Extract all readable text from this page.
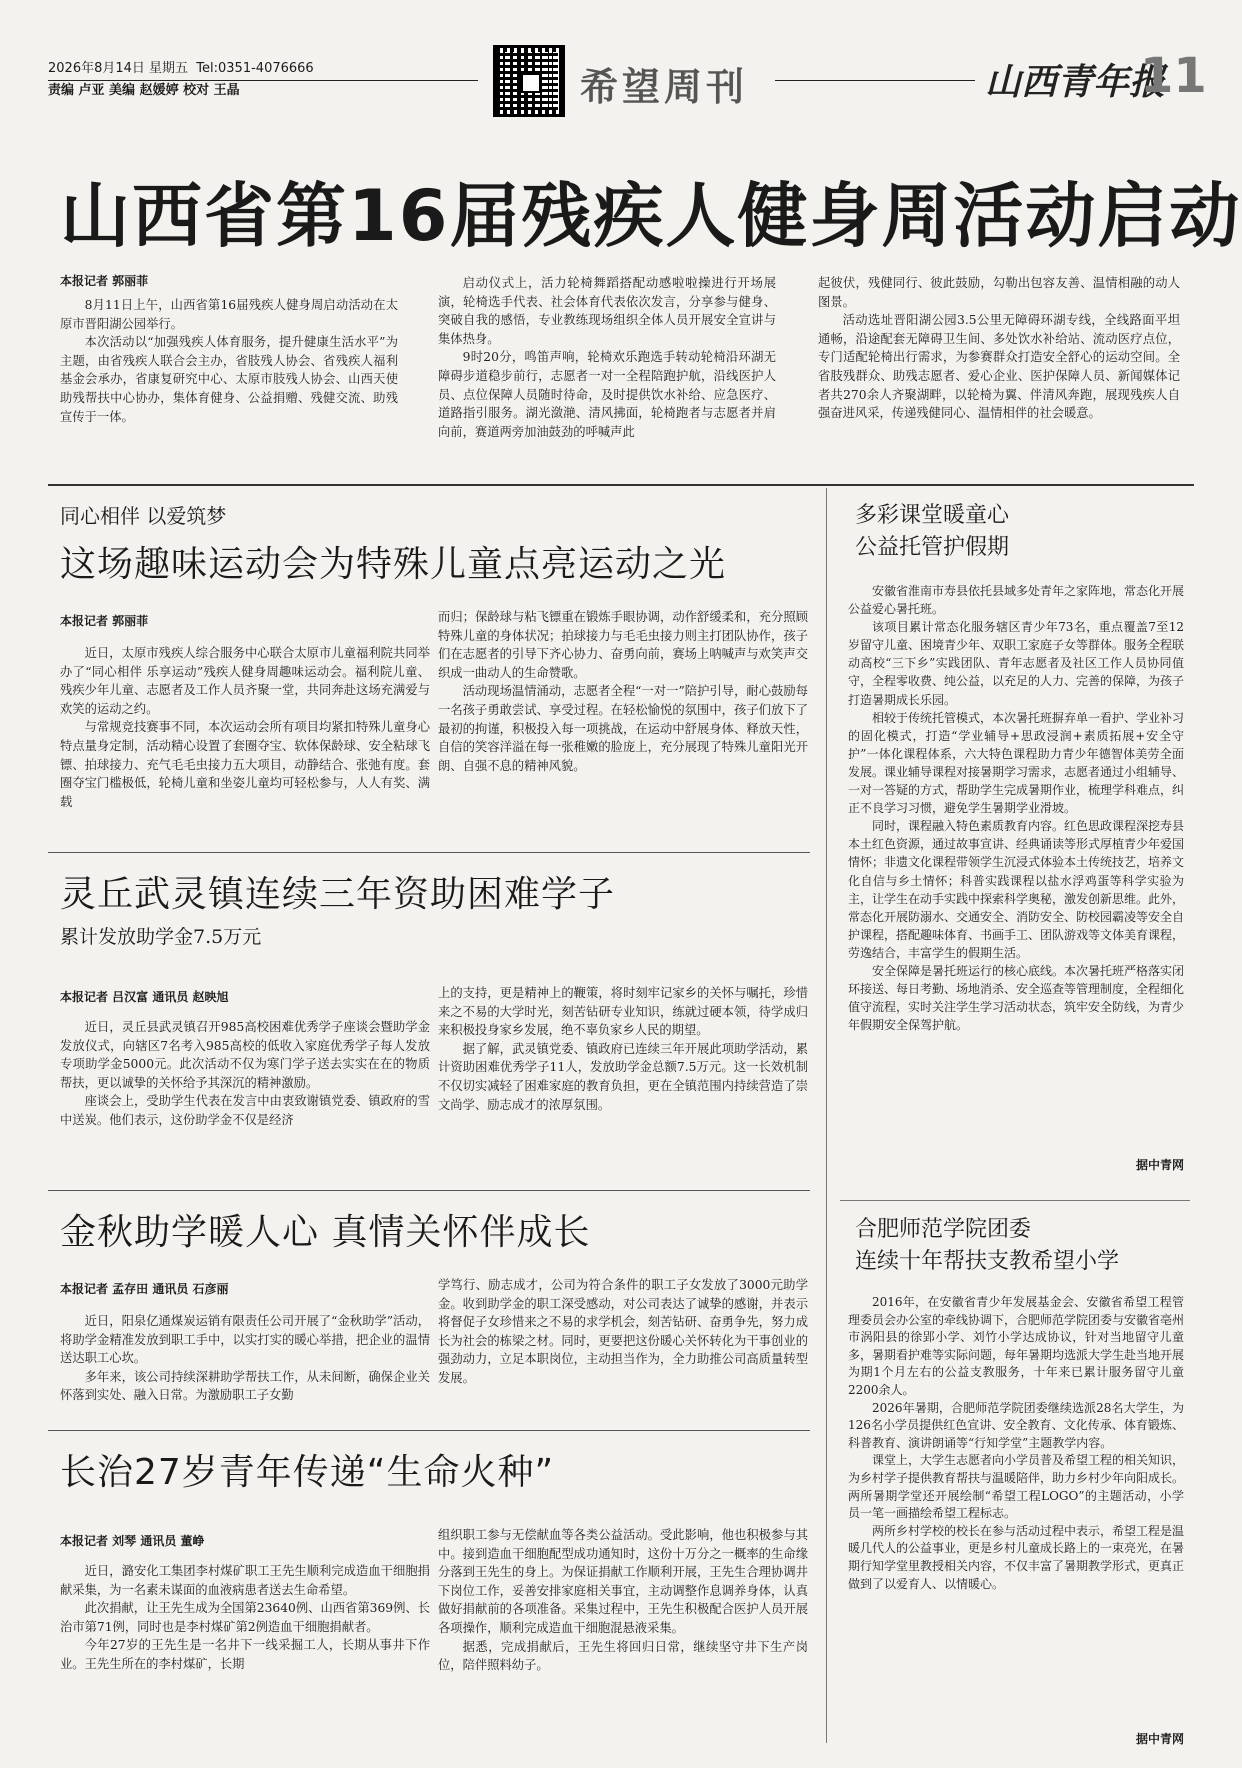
2026年8月14日 星期五 Tel:0351-4076666
责编 卢亚 美编 赵媛婷 校对 王晶	希望周刊	山西青年报
11
山西省第16届残疾人健身周活动启动
本报记者 郭丽菲

8月11日上午，山西省第16届残疾人健身周启动活动在太原市晋阳湖公园举行。

本次活动以“加强残疾人体育服务，提升健康生活水平”为主题，由省残疾人联合会主办，省肢残人协会、省残疾人福利基金会承办，省康复研究中心、太原市肢残人协会、山西天使助残帮扶中心协办，集体育健身、公益捐赠、残健交流、助残宣传于一体。

启动仪式上，活力轮椅舞蹈搭配动感啦啦操进行开场展演，轮椅选手代表、社会体育代表依次发言，分享参与健身、突破自我的感悟，专业教练现场组织全体人员开展安全宣讲与集体热身。

9时20分，鸣笛声响，轮椅欢乐跑选手转动轮椅沿环湖无障碍步道稳步前行，志愿者一对一全程陪跑护航，沿线医护人员、点位保障人员随时待命，及时提供饮水补给、应急医疗、道路指引服务。湖光潋滟、清风拂面，轮椅跑者与志愿者并肩向前，赛道两旁加油鼓劲的呼喊声此

起彼伏，残健同行、彼此鼓励，勾勒出包容友善、温情相融的动人图景。

活动选址晋阳湖公园3.5公里无障碍环湖专线，全线路面平坦通畅，沿途配套无障碍卫生间、多处饮水补给站、流动医疗点位，专门适配轮椅出行需求，为参赛群众打造安全舒心的运动空间。全省肢残群众、助残志愿者、爱心企业、医护保障人员、新闻媒体记者共270余人齐聚湖畔，以轮椅为翼、伴清风奔跑，展现残疾人自强奋进风采，传递残健同心、温情相伴的社会暖意。

同心相伴 以爱筑梦
这场趣味运动会为特殊儿童点亮运动之光
本报记者 郭丽菲

近日，太原市残疾人综合服务中心联合太原市儿童福利院共同举办了“同心相伴 乐享运动”残疾人健身周趣味运动会。福利院儿童、残疾少年儿童、志愿者及工作人员齐聚一堂，共同奔赴这场充满爱与欢笑的运动之约。

与常规竞技赛事不同，本次运动会所有项目均紧扣特殊儿童身心特点量身定制，活动精心设置了套圈夺宝、软体保龄球、安全粘球飞镖、拍球接力、充气毛毛虫接力五大项目，动静结合、张弛有度。套圈夺宝门槛极低，轮椅儿童和坐姿儿童均可轻松参与，人人有奖、满载

而归；保龄球与粘飞镖重在锻炼手眼协调，动作舒缓柔和，充分照顾特殊儿童的身体状况；拍球接力与毛毛虫接力则主打团队协作，孩子们在志愿者的引导下齐心协力、奋勇向前，赛场上呐喊声与欢笑声交织成一曲动人的生命赞歌。

活动现场温情涌动，志愿者全程“一对一”陪护引导，耐心鼓励每一名孩子勇敢尝试、享受过程。在轻松愉悦的氛围中，孩子们放下了最初的拘谨，积极投入每一项挑战，在运动中舒展身体、释放天性，自信的笑容洋溢在每一张稚嫩的脸庞上，充分展现了特殊儿童阳光开朗、自强不息的精神风貌。

灵丘武灵镇连续三年资助困难学子
累计发放助学金7.5万元
本报记者 吕汉富 通讯员 赵映旭

近日，灵丘县武灵镇召开985高校困难优秀学子座谈会暨助学金发放仪式，向辖区7名考入985高校的低收入家庭优秀学子每人发放专项助学金5000元。此次活动不仅为寒门学子送去实实在在的物质帮扶，更以诚挚的关怀给予其深沉的精神激励。

座谈会上，受助学生代表在发言中由衷致谢镇党委、镇政府的雪中送炭。他们表示，这份助学金不仅是经济

上的支持，更是精神上的鞭策，将时刻牢记家乡的关怀与嘱托，珍惜来之不易的大学时光，刻苦钻研专业知识，练就过硬本领，待学成归来积极投身家乡发展，绝不辜负家乡人民的期望。

据了解，武灵镇党委、镇政府已连续三年开展此项助学活动，累计资助困难优秀学子11人，发放助学金总额7.5万元。这一长效机制不仅切实减轻了困难家庭的教育负担，更在全镇范围内持续营造了崇文尚学、励志成才的浓厚氛围。

金秋助学暖人心 真情关怀伴成长
本报记者 孟存田 通讯员 石彦丽

近日，阳泉亿通煤炭运销有限责任公司开展了“金秋助学”活动，将助学金精准发放到职工手中，以实打实的暖心举措，把企业的温情送达职工心坎。

多年来，该公司持续深耕助学帮扶工作，从未间断，确保企业关怀落到实处、融入日常。为激励职工子女勤

学笃行、励志成才，公司为符合条件的职工子女发放了3000元助学金。收到助学金的职工深受感动，对公司表达了诚挚的感谢，并表示将督促子女珍惜来之不易的求学机会，刻苦钻研、奋勇争先，努力成长为社会的栋梁之材。同时，更要把这份暖心关怀转化为干事创业的强劲动力，立足本职岗位，主动担当作为，全力助推公司高质量转型发展。

长治27岁青年传递“生命火种”
本报记者 刘琴 通讯员 董峥

近日，潞安化工集团李村煤矿职工王先生顺利完成造血干细胞捐献采集，为一名素未谋面的血液病患者送去生命希望。

此次捐献，让王先生成为全国第23640例、山西省第369例、长治市第71例，同时也是李村煤矿第2例造血干细胞捐献者。

今年27岁的王先生是一名井下一线采掘工人，长期从事井下作业。王先生所在的李村煤矿，长期

组织职工参与无偿献血等各类公益活动。受此影响，他也积极参与其中。接到造血干细胞配型成功通知时，这份十万分之一概率的生命缘分落到王先生的身上。为保证捐献工作顺利开展，王先生合理协调井下岗位工作，妥善安排家庭相关事宜，主动调整作息调养身体，认真做好捐献前的各项准备。采集过程中，王先生积极配合医护人员开展各项操作，顺利完成造血干细胞混悬液采集。

据悉，完成捐献后，王先生将回归日常，继续坚守井下生产岗位，陪伴照料幼子。

多彩课堂暖童心
公益托管护假期

安徽省淮南市寿县依托县域多处青年之家阵地，常态化开展公益爱心暑托班。

该项目累计常态化服务辖区青少年73名，重点覆盖7至12岁留守儿童、困境青少年、双职工家庭子女等群体。服务全程联动高校“三下乡”实践团队、青年志愿者及社区工作人员协同值守，全程零收费、纯公益，以充足的人力、完善的保障，为孩子打造暑期成长乐园。

相较于传统托管模式，本次暑托班摒弃单一看护、学业补习的固化模式，打造“学业辅导+思政浸润+素质拓展+安全守护”一体化课程体系，六大特色课程助力青少年德智体美劳全面发展。课业辅导课程对接暑期学习需求，志愿者通过小组辅导、一对一答疑的方式，帮助学生完成暑期作业，梳理学科难点，纠正不良学习习惯，避免学生暑期学业滑坡。

同时，课程融入特色素质教育内容。红色思政课程深挖寿县本土红色资源，通过故事宣讲、经典诵读等形式厚植青少年爱国情怀；非遗文化课程带领学生沉浸式体验本土传统技艺，培养文化自信与乡土情怀；科普实践课程以盐水浮鸡蛋等科学实验为主，让学生在动手实践中探索科学奥秘，激发创新思维。此外，常态化开展防溺水、交通安全、消防安全、防校园霸凌等安全自护课程，搭配趣味体育、书画手工、团队游戏等文体美育课程，劳逸结合，丰富学生的假期生活。

安全保障是暑托班运行的核心底线。本次暑托班严格落实闭环接送、每日考勤、场地消杀、安全巡查等管理制度，全程细化值守流程，实时关注学生学习活动状态，筑牢安全防线，为青少年假期安全保驾护航。

据中青网
合肥师范学院团委
连续十年帮扶支教希望小学

2016年，在安徽省青少年发展基金会、安徽省希望工程管理委员会办公室的牵线协调下，合肥师范学院团委与安徽省亳州市涡阳县的徐郢小学、刘竹小学达成协议，针对当地留守儿童多，暑期看护难等实际问题，每年暑期均选派大学生赴当地开展为期1个月左右的公益支教服务，十年来已累计服务留守儿童2200余人。

2026年暑期，合肥师范学院团委继续选派28名大学生，为126名小学员提供红色宣讲、安全教育、文化传承、体育锻炼、科普教育、演讲朗诵等“行知学堂”主题教学内容。

课堂上，大学生志愿者向小学员普及希望工程的相关知识，为乡村学子提供教育帮扶与温暖陪伴，助力乡村少年向阳成长。两所暑期学堂还开展绘制“希望工程LOGO”的主题活动，小学员一笔一画描绘希望工程标志。

两所乡村学校的校长在参与活动过程中表示，希望工程是温暖几代人的公益事业，更是乡村儿童成长路上的一束亮光，在暑期行知学堂里教授相关内容，不仅丰富了暑期教学形式，更真正做到了以爱育人、以情暖心。

据中青网
